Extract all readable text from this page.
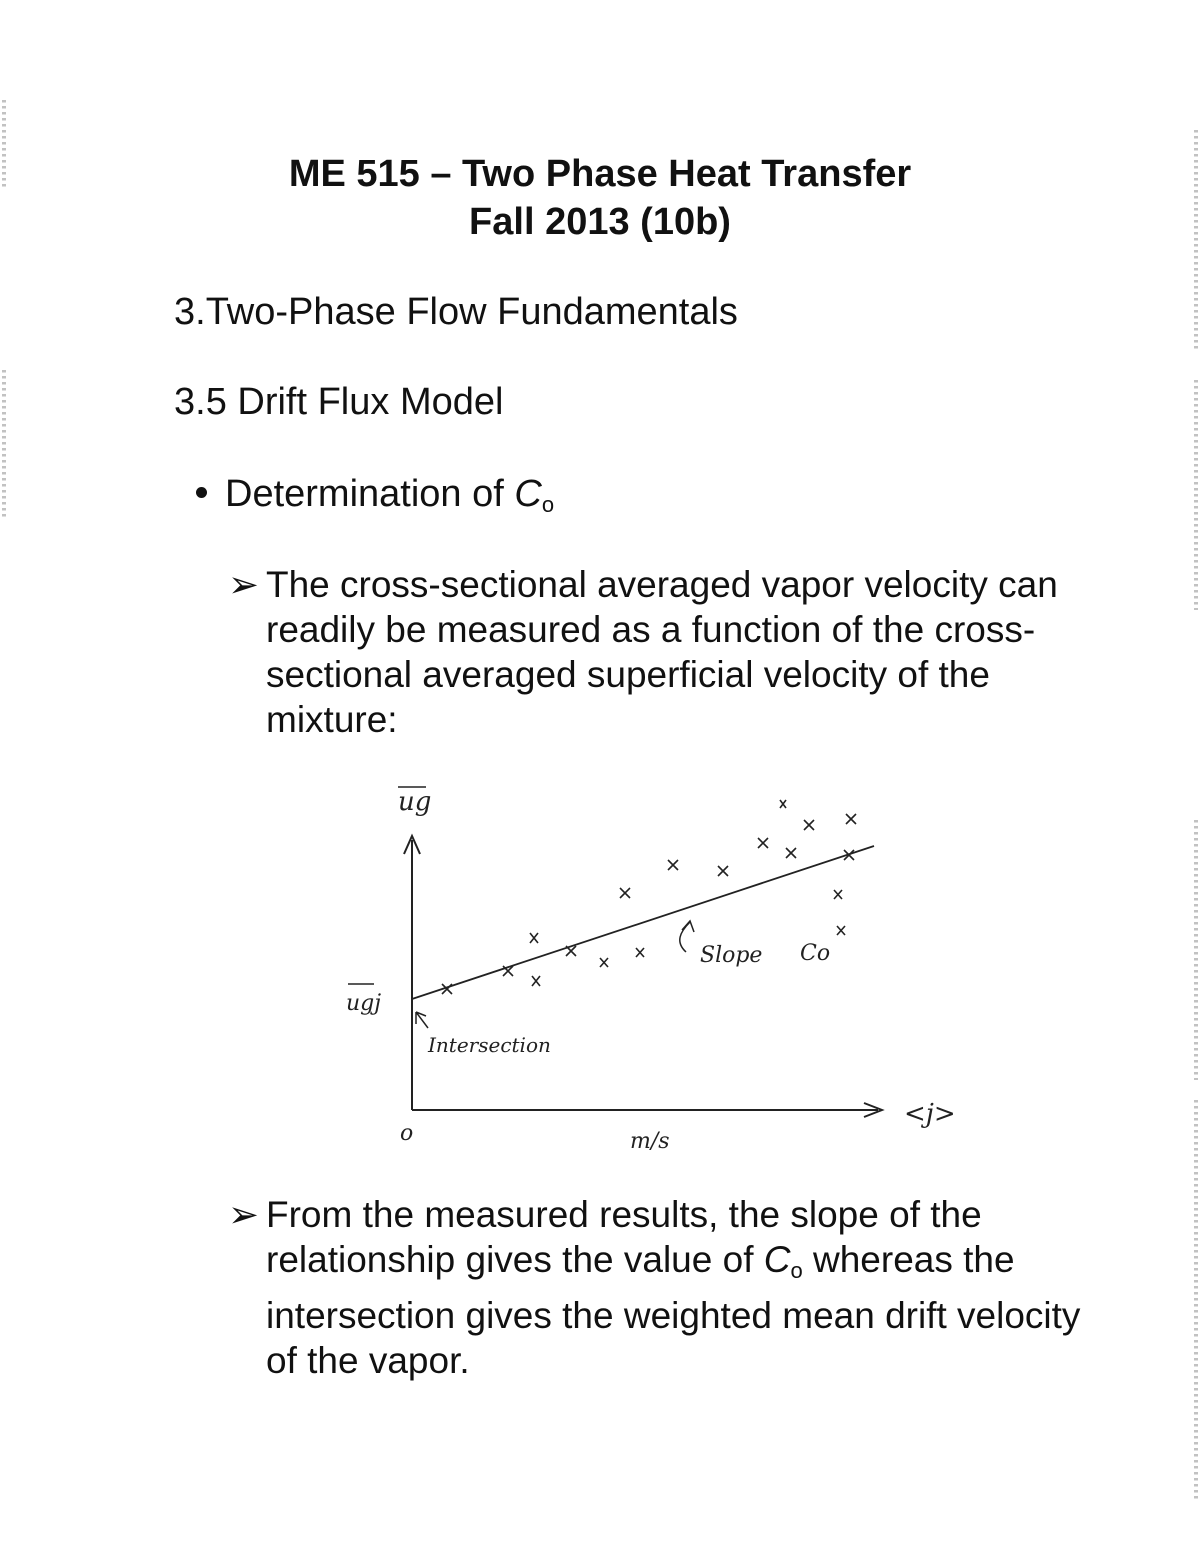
ME 515 – Two Phase Heat Transfer
Fall 2013 (10b)
3.Two-Phase Flow Fundamentals
3.5 Drift Flux Model
Determination of $C_o$
➢ The cross-sectional averaged vapor velocity can readily be measured as a function of the cross-sectional averaged superficial velocity of the mixture:
ug
ugj
Intersection
Slope Co
o
<j>
m/s
➢ From the measured results, the slope of the relationship gives the value of $C_o$ whereas the intersection gives the weighted mean drift velocity of the vapor.
